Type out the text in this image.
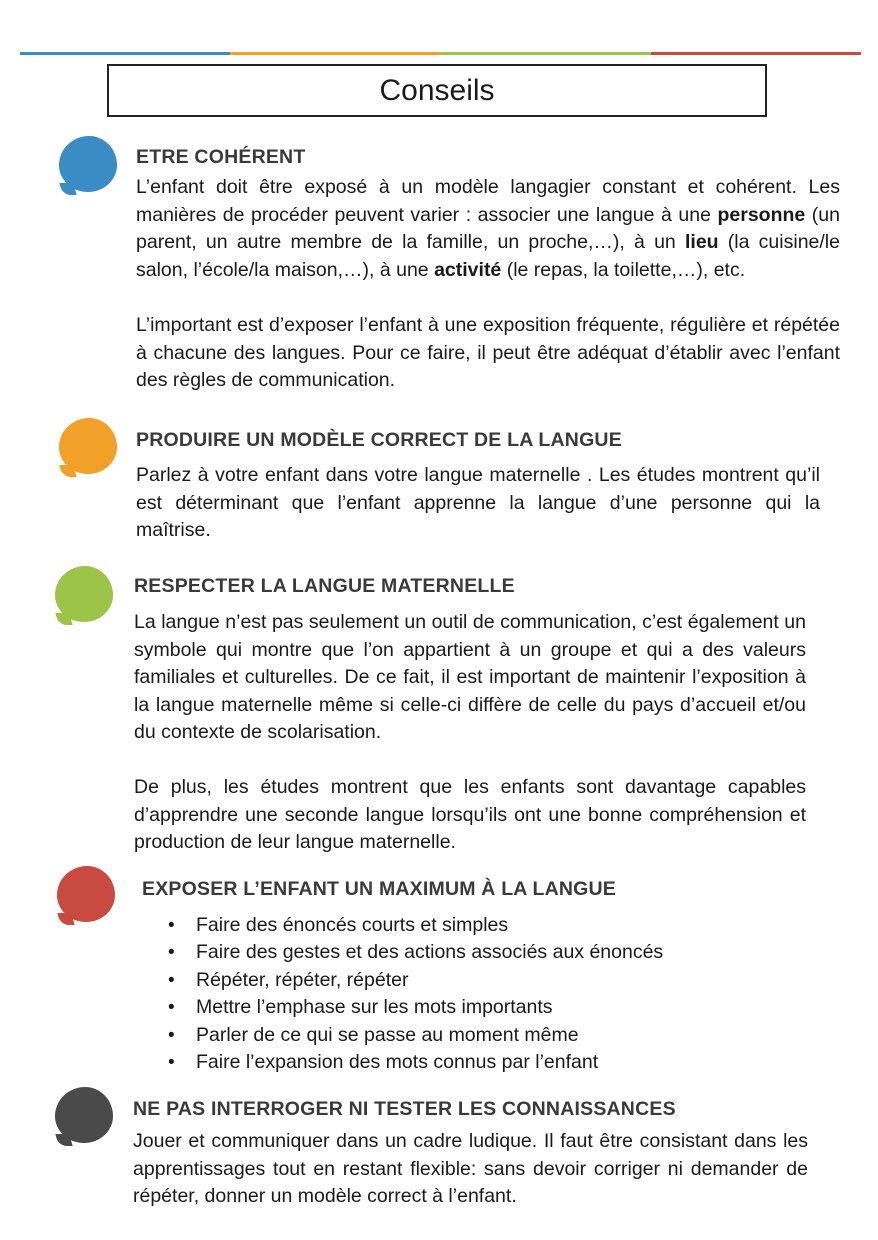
Conseils
ETRE COHÉRENT

L’enfant doit être exposé à un modèle langagier constant et cohérent. Les manières de procéder peuvent varier : associer une langue à une personne (un parent, un autre membre de la famille, un proche,…), à un lieu (la cuisine/le salon, l’école/la maison,…), à une activité (le repas, la toilette,…), etc.

L’important est d’exposer l’enfant à une exposition fréquente, régulière et répétée à chacune des langues. Pour ce faire, il peut être adéquat d’établir avec l’enfant des règles de communication.

PRODUIRE UN MODÈLE CORRECT DE LA LANGUE

Parlez à votre enfant dans votre langue maternelle . Les études montrent qu’il est déterminant que l’enfant apprenne la langue d’une personne qui la maîtrise.

RESPECTER LA LANGUE MATERNELLE

La langue n’est pas seulement un outil de communication, c’est également un symbole qui montre que l’on appartient à un groupe et qui a des valeurs familiales et culturelles. De ce fait, il est important de maintenir l’exposition à la langue maternelle même si celle-ci diffère de celle du pays d’accueil et/ou du contexte de scolarisation.

De plus, les études montrent que les enfants sont davantage capables d’apprendre une seconde langue lorsqu’ils ont une bonne compréhension et production de leur langue maternelle.

EXPOSER L’ENFANT UN MAXIMUM À LA LANGUE
• Faire des énoncés courts et simples
• Faire des gestes et des actions associés aux énoncés
• Répéter, répéter, répéter
• Mettre l’emphase sur les mots importants
• Parler de ce qui se passe au moment même
• Faire l’expansion des mots connus par l’enfant
NE PAS INTERROGER NI TESTER LES CONNAISSANCES

Jouer et communiquer dans un cadre ludique. Il faut être consistant dans les apprentissages tout en restant flexible: sans devoir corriger ni demander de répéter, donner un modèle correct à l’enfant.
